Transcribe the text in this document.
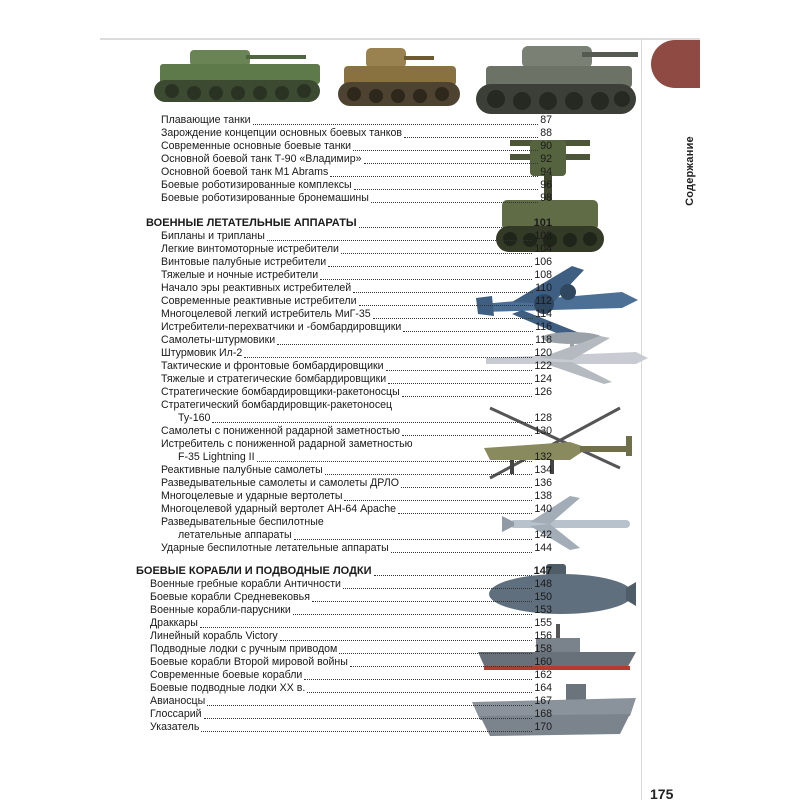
Содержание
Плавающие танки	87
Зарождение концепции основных боевых танков	88
Современные основные боевые танки	90
Основной боевой танк Т-90 «Владимир»	92
Основной боевой танк M1 Abrams	94
Боевые роботизированные комплексы	96
Боевые роботизированные бронемашины	98
ВОЕННЫЕ ЛЕТАТЕЛЬНЫЕ АППАРАТЫ	101
Бипланы и трипланы	103
Легкие винтомоторные истребители	104
Винтовые палубные истребители	106
Тяжелые и ночные истребители	108
Начало эры реактивных истребителей	110
Современные реактивные истребители	112
Многоцелевой легкий истребитель МиГ-35	114
Истребители-перехватчики и -бомбардировщики	116
Самолеты-штурмовики	118
Штурмовик Ил-2	120
Тактические и фронтовые бомбардировщики	122
Тяжелые и стратегические бомбардировщики	124
Стратегические бомбардировщики-ракетоносцы	126
Стратегический бомбардировщик-ракетоносец
Ту-160	128
Самолеты с пониженной радарной заметностью	130
Истребитель с пониженной радарной заметностью
F-35 Lightning II	132
Реактивные палубные самолеты	134
Разведывательные самолеты и самолеты ДРЛО	136
Многоцелевые и ударные вертолеты	138
Многоцелевой ударный вертолет АН-64 Apache	140
Разведывательные беспилотные
летательные аппараты	142
Ударные беспилотные летательные аппараты	144
БОЕВЫЕ КОРАБЛИ И ПОДВОДНЫЕ ЛОДКИ	147
Военные гребные корабли Античности	148
Боевые корабли Средневековья	150
Военные корабли-парусники	153
Драккары	155
Линейный корабль Victory	156
Подводные лодки с ручным приводом	158
Боевые корабли Второй мировой войны	160
Современные боевые корабли	162
Боевые подводные лодки XX в.	164
Авианосцы	167
Глоссарий	168
Указатель	170
175
